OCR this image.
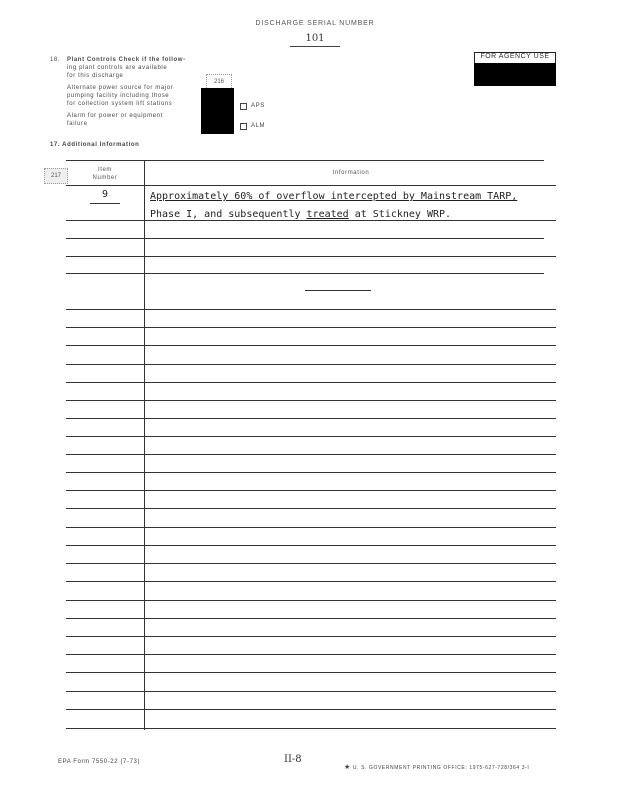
DISCHARGE SERIAL NUMBER
101
FOR AGENCY USE
18. Plant Controls Check if the follow-
ing plant controls are available
for this discharge
Alternate power source for major
pumping facility including those
for collection system lift stations
Alarm for power or equipment
failure
216
APS
ALM
17. Additional Information
217
Item
Number
Information
9	Approximately 60% of overflow intercepted by Mainstream TARP,
Phase I, and subsequently treated at Stickney WRP.
EPA Form 7550-22 (7-73)	II-8
★ U. S. GOVERNMENT PRINTING OFFICE: 1975-627-728/364 3-I
